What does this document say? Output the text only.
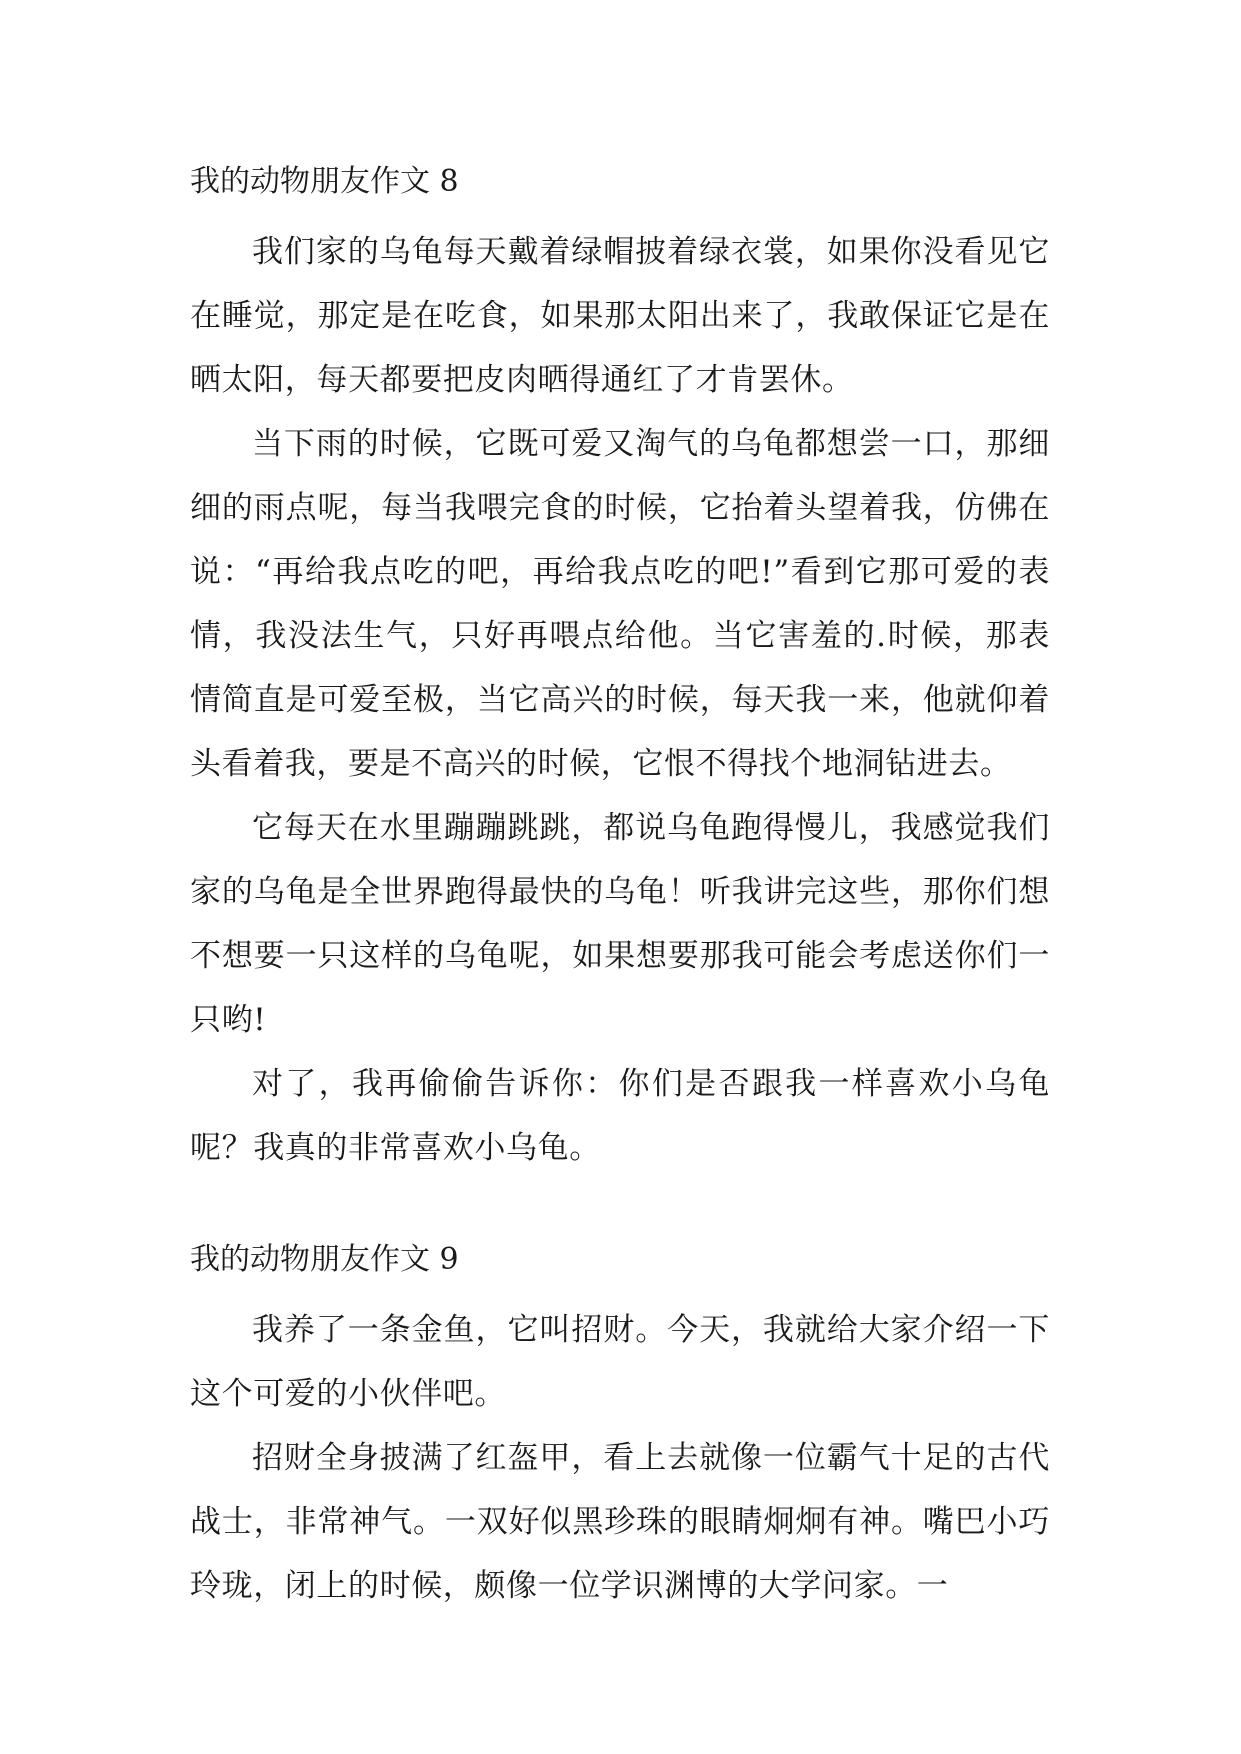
我的动物朋友作文 8

我们家的乌龟每天戴着绿帽披着绿衣裳，如果你没看见它在睡觉，那定是在吃食，如果那太阳出来了，我敢保证它是在晒太阳，每天都要把皮肉晒得通红了才肯罢休。

当下雨的时候，它既可爱又淘气的乌龟都想尝一口，那细细的雨点呢，每当我喂完食的时候，它抬着头望着我，仿佛在说：“再给我点吃的吧，再给我点吃的吧!”看到它那可爱的表情，我没法生气，只好再喂点给他。当它害羞的.时候，那表情简直是可爱至极，当它高兴的时候，每天我一来，他就仰着头看着我，要是不高兴的时候，它恨不得找个地洞钻进去。

它每天在水里蹦蹦跳跳，都说乌龟跑得慢儿，我感觉我们家的乌龟是全世界跑得最快的乌龟！听我讲完这些，那你们想不想要一只这样的乌龟呢，如果想要那我可能会考虑送你们一只哟!

对了，我再偷偷告诉你：你们是否跟我一样喜欢小乌龟呢？我真的非常喜欢小乌龟。

我的动物朋友作文 9

我养了一条金鱼，它叫招财。今天，我就给大家介绍一下这个可爱的小伙伴吧。

招财全身披满了红盔甲，看上去就像一位霸气十足的古代战士，非常神气。一双好似黑珍珠的眼睛炯炯有神。嘴巴小巧玲珑，闭上的时候，颇像一位学识渊博的大学问家。一
